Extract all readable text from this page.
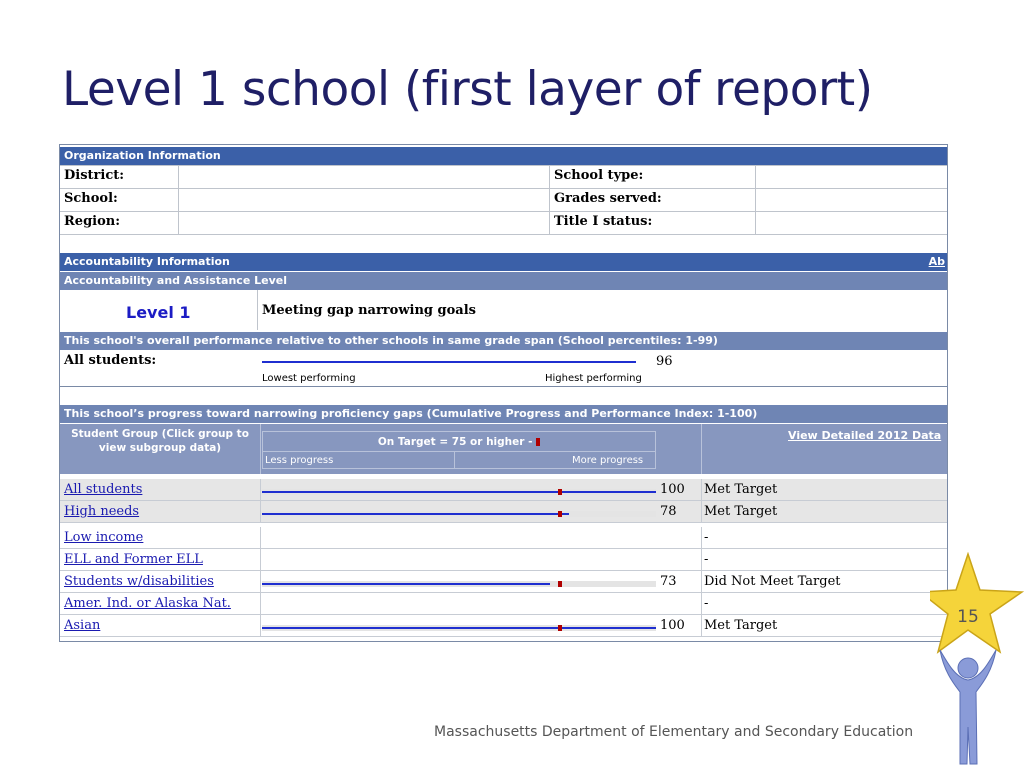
Level 1 school (first layer of report)
Organization Information
District:	School type:
School:	Grades served:
Region:	Title I status:
Accountability Information	Ab
Accountability and Assistance Level
Level 1	Meeting gap narrowing goals
This school's overall performance relative to other schools in same grade span (School percentiles: 1-99)
All students:	96
Lowest performing	Highest performing
This school’s progress toward narrowing proficiency gaps (Cumulative Progress and Performance Index: 1-100)
Student Group (Click group to view subgroup data)	On Target = 75 or higher -
Less progress	More progress
View Detailed 2012 Data
All students	100 Met Target
High needs	78 Met Target
Low income	-
ELL and Former ELL	-
Students w/disabilities	73 Did Not Meet Target
Amer. Ind. or Alaska Nat.	-
Asian	100 Met Target
Massachusetts Department of Elementary and Secondary Education
15
